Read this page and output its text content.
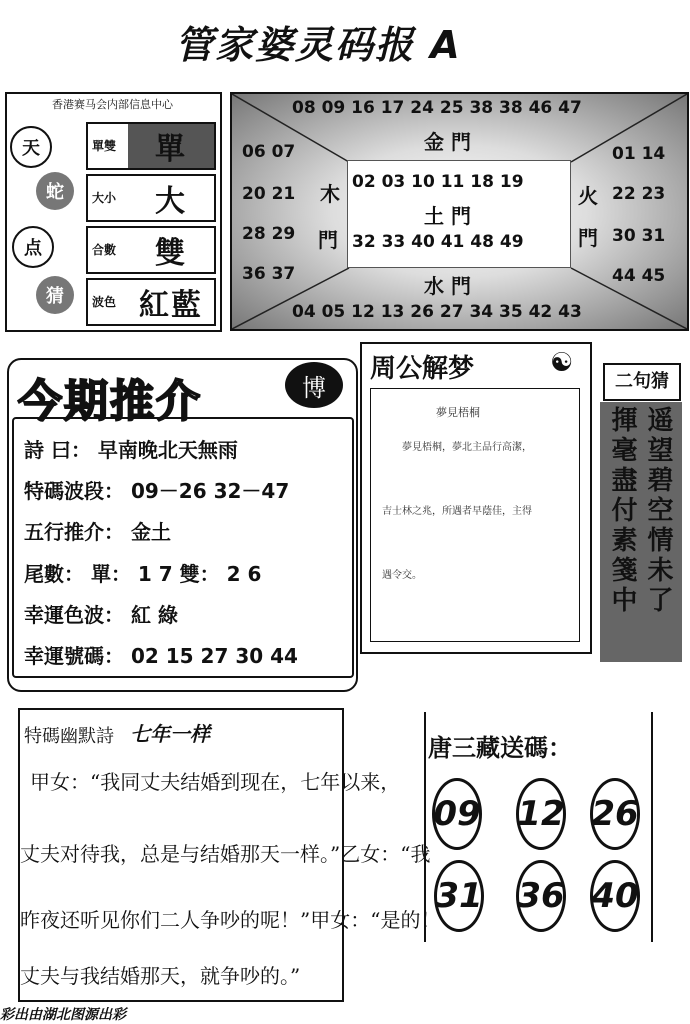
管家婆灵码报 A
香港赛马会内部信息中心
天
蛇
点
猜
單雙	單
大小	大
合數	雙
波色 紅藍
08 09 16 17 24 25 38 38 46 47
04 05 12 13 26 27 34 35 42 43
06 07
20 21
28 29
36 37
01 14
22 23
30 31
44 45
木
門
火
門
金 門
02 03 10 11 18 19
土 門
32 33 40 41 48 49
水 門
今期推介	博
詩 曰： 早南晚北天無雨
特碼波段： 09－26 32－47
五行推介： 金土
尾數： 單： 1 7 雙： 2 6
幸運色波： 紅 綠
幸運號碼： 02 15 27 30 44
周公解梦	☯
夢見梧桐
夢見梧桐，夢北主品行高潔，
吉士林之兆，所遇者早蔭佳，主得
遇令交。
二句猜
遥望碧空情未了
揮毫盡付素箋中
特碼幽默詩 七年一样
甲女：“我同丈夫结婚到现在，七年以来，
丈夫对待我，总是与结婚那天一样。”乙女：“我
昨夜还听见你们二人争吵的呢！”甲女：“是的！
丈夫与我结婚那天，就争吵的。”
唐三藏送碼：
09 12 26
31 36 40
彩出由湖北图源出彩
